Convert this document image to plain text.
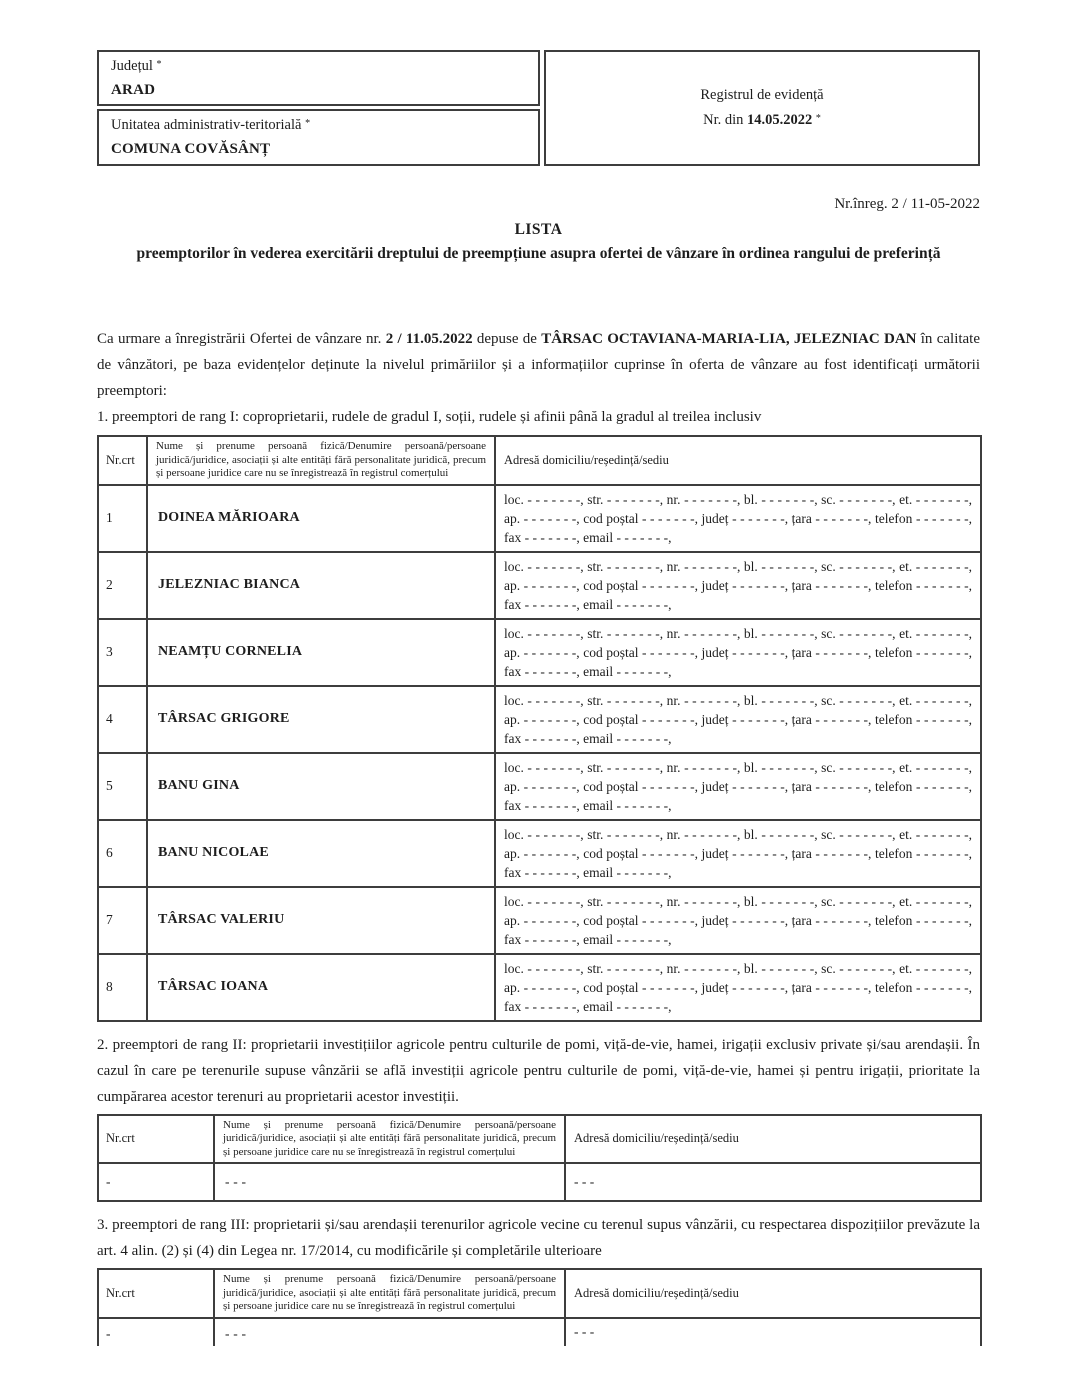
Județul *
ARAD
Unitatea administrativ-teritorială *
COMUNA COVĂSÂNȚ
Registrul de evidență
Nr. din 14.05.2022 *
Nr.înreg. 2 / 11-05-2022
LISTA
preemptorilor în vederea exercitării dreptului de preempțiune asupra ofertei de vânzare în ordinea rangului de preferință

Ca urmare a înregistrării Ofertei de vânzare nr. 2 / 11.05.2022 depuse de TÂRSAC OCTAVIANA-MARIA-LIA, JELEZNIAC DAN în calitate de vânzători, pe baza evidențelor deținute la nivelul primăriilor și a informațiilor cuprinse în oferta de vânzare au fost identificați următorii preemptori:

1. preemptori de rang I: coproprietarii, rudele de gradul I, soții, rudele și afinii până la gradul al treilea inclusiv

Nr.crt	Nume și prenume persoană fizică/Denumire persoană/persoane juridică/juridice, asociații și alte entități fără personalitate juridică, precum și persoane juridice care nu se înregistrează în registrul comerțului	Adresă domiciliu/reședință/sediu
1	DOINEA MĂRIOARA	loc. - - - - - - -, str. - - - - - - -, nr. - - - - - - -, bl. - - - - - - -, sc. - - - - - - -, et. - - - - - - -,
ap. - - - - - - -, cod poștal - - - - - - -, județ - - - - - - -, țara - - - - - - -, telefon - - - - - - -,
fax - - - - - - -, email - - - - - - -,

2	JELEZNIAC BIANCA	loc. - - - - - - -, str. - - - - - - -, nr. - - - - - - -, bl. - - - - - - -, sc. - - - - - - -, et. - - - - - - -,
ap. - - - - - - -, cod poștal - - - - - - -, județ - - - - - - -, țara - - - - - - -, telefon - - - - - - -,
fax - - - - - - -, email - - - - - - -,

3	NEAMȚU CORNELIA	loc. - - - - - - -, str. - - - - - - -, nr. - - - - - - -, bl. - - - - - - -, sc. - - - - - - -, et. - - - - - - -,
ap. - - - - - - -, cod poștal - - - - - - -, județ - - - - - - -, țara - - - - - - -, telefon - - - - - - -,
fax - - - - - - -, email - - - - - - -,

4	TÂRSAC GRIGORE	loc. - - - - - - -, str. - - - - - - -, nr. - - - - - - -, bl. - - - - - - -, sc. - - - - - - -, et. - - - - - - -,
ap. - - - - - - -, cod poștal - - - - - - -, județ - - - - - - -, țara - - - - - - -, telefon - - - - - - -,
fax - - - - - - -, email - - - - - - -,

5	BANU GINA	loc. - - - - - - -, str. - - - - - - -, nr. - - - - - - -, bl. - - - - - - -, sc. - - - - - - -, et. - - - - - - -,
ap. - - - - - - -, cod poștal - - - - - - -, județ - - - - - - -, țara - - - - - - -, telefon - - - - - - -,
fax - - - - - - -, email - - - - - - -,

6	BANU NICOLAE	loc. - - - - - - -, str. - - - - - - -, nr. - - - - - - -, bl. - - - - - - -, sc. - - - - - - -, et. - - - - - - -,
ap. - - - - - - -, cod poștal - - - - - - -, județ - - - - - - -, țara - - - - - - -, telefon - - - - - - -,
fax - - - - - - -, email - - - - - - -,

7	TÂRSAC VALERIU	loc. - - - - - - -, str. - - - - - - -, nr. - - - - - - -, bl. - - - - - - -, sc. - - - - - - -, et. - - - - - - -,
ap. - - - - - - -, cod poștal - - - - - - -, județ - - - - - - -, țara - - - - - - -, telefon - - - - - - -,
fax - - - - - - -, email - - - - - - -,

8	TÂRSAC IOANA	loc. - - - - - - -, str. - - - - - - -, nr. - - - - - - -, bl. - - - - - - -, sc. - - - - - - -, et. - - - - - - -,
ap. - - - - - - -, cod poștal - - - - - - -, județ - - - - - - -, țara - - - - - - -, telefon - - - - - - -,
fax - - - - - - -, email - - - - - - -,

2. preemptori de rang II: proprietarii investițiilor agricole pentru culturile de pomi, viță-de-vie, hamei, irigații exclusiv private și/sau arendașii. În cazul în care pe terenurile supuse vânzării se află investiții agricole pentru culturile de pomi, viță-de-vie, hamei și pentru irigații, prioritate la cumpărarea acestor terenuri au proprietarii acestor investiții.

Nr.crt	Nume și prenume persoană fizică/Denumire persoană/persoane juridică/juridice, asociații și alte entități fără personalitate juridică, precum și persoane juridice care nu se înregistrează în registrul comerțului	Adresă domiciliu/reședință/sediu
-	- - -	- - -

3. preemptori de rang III: proprietarii și/sau arendașii terenurilor agricole vecine cu terenul supus vânzării, cu respectarea dispozițiilor prevăzute la art. 4 alin. (2) și (4) din Legea nr. 17/2014, cu modificările și completările ulterioare

Nr.crt	Nume și prenume persoană fizică/Denumire persoană/persoane juridică/juridice, asociații și alte entități fără personalitate juridică, precum și persoane juridice care nu se înregistrează în registrul comerțului	Adresă domiciliu/reședință/sediu
-	- - -	- - -
